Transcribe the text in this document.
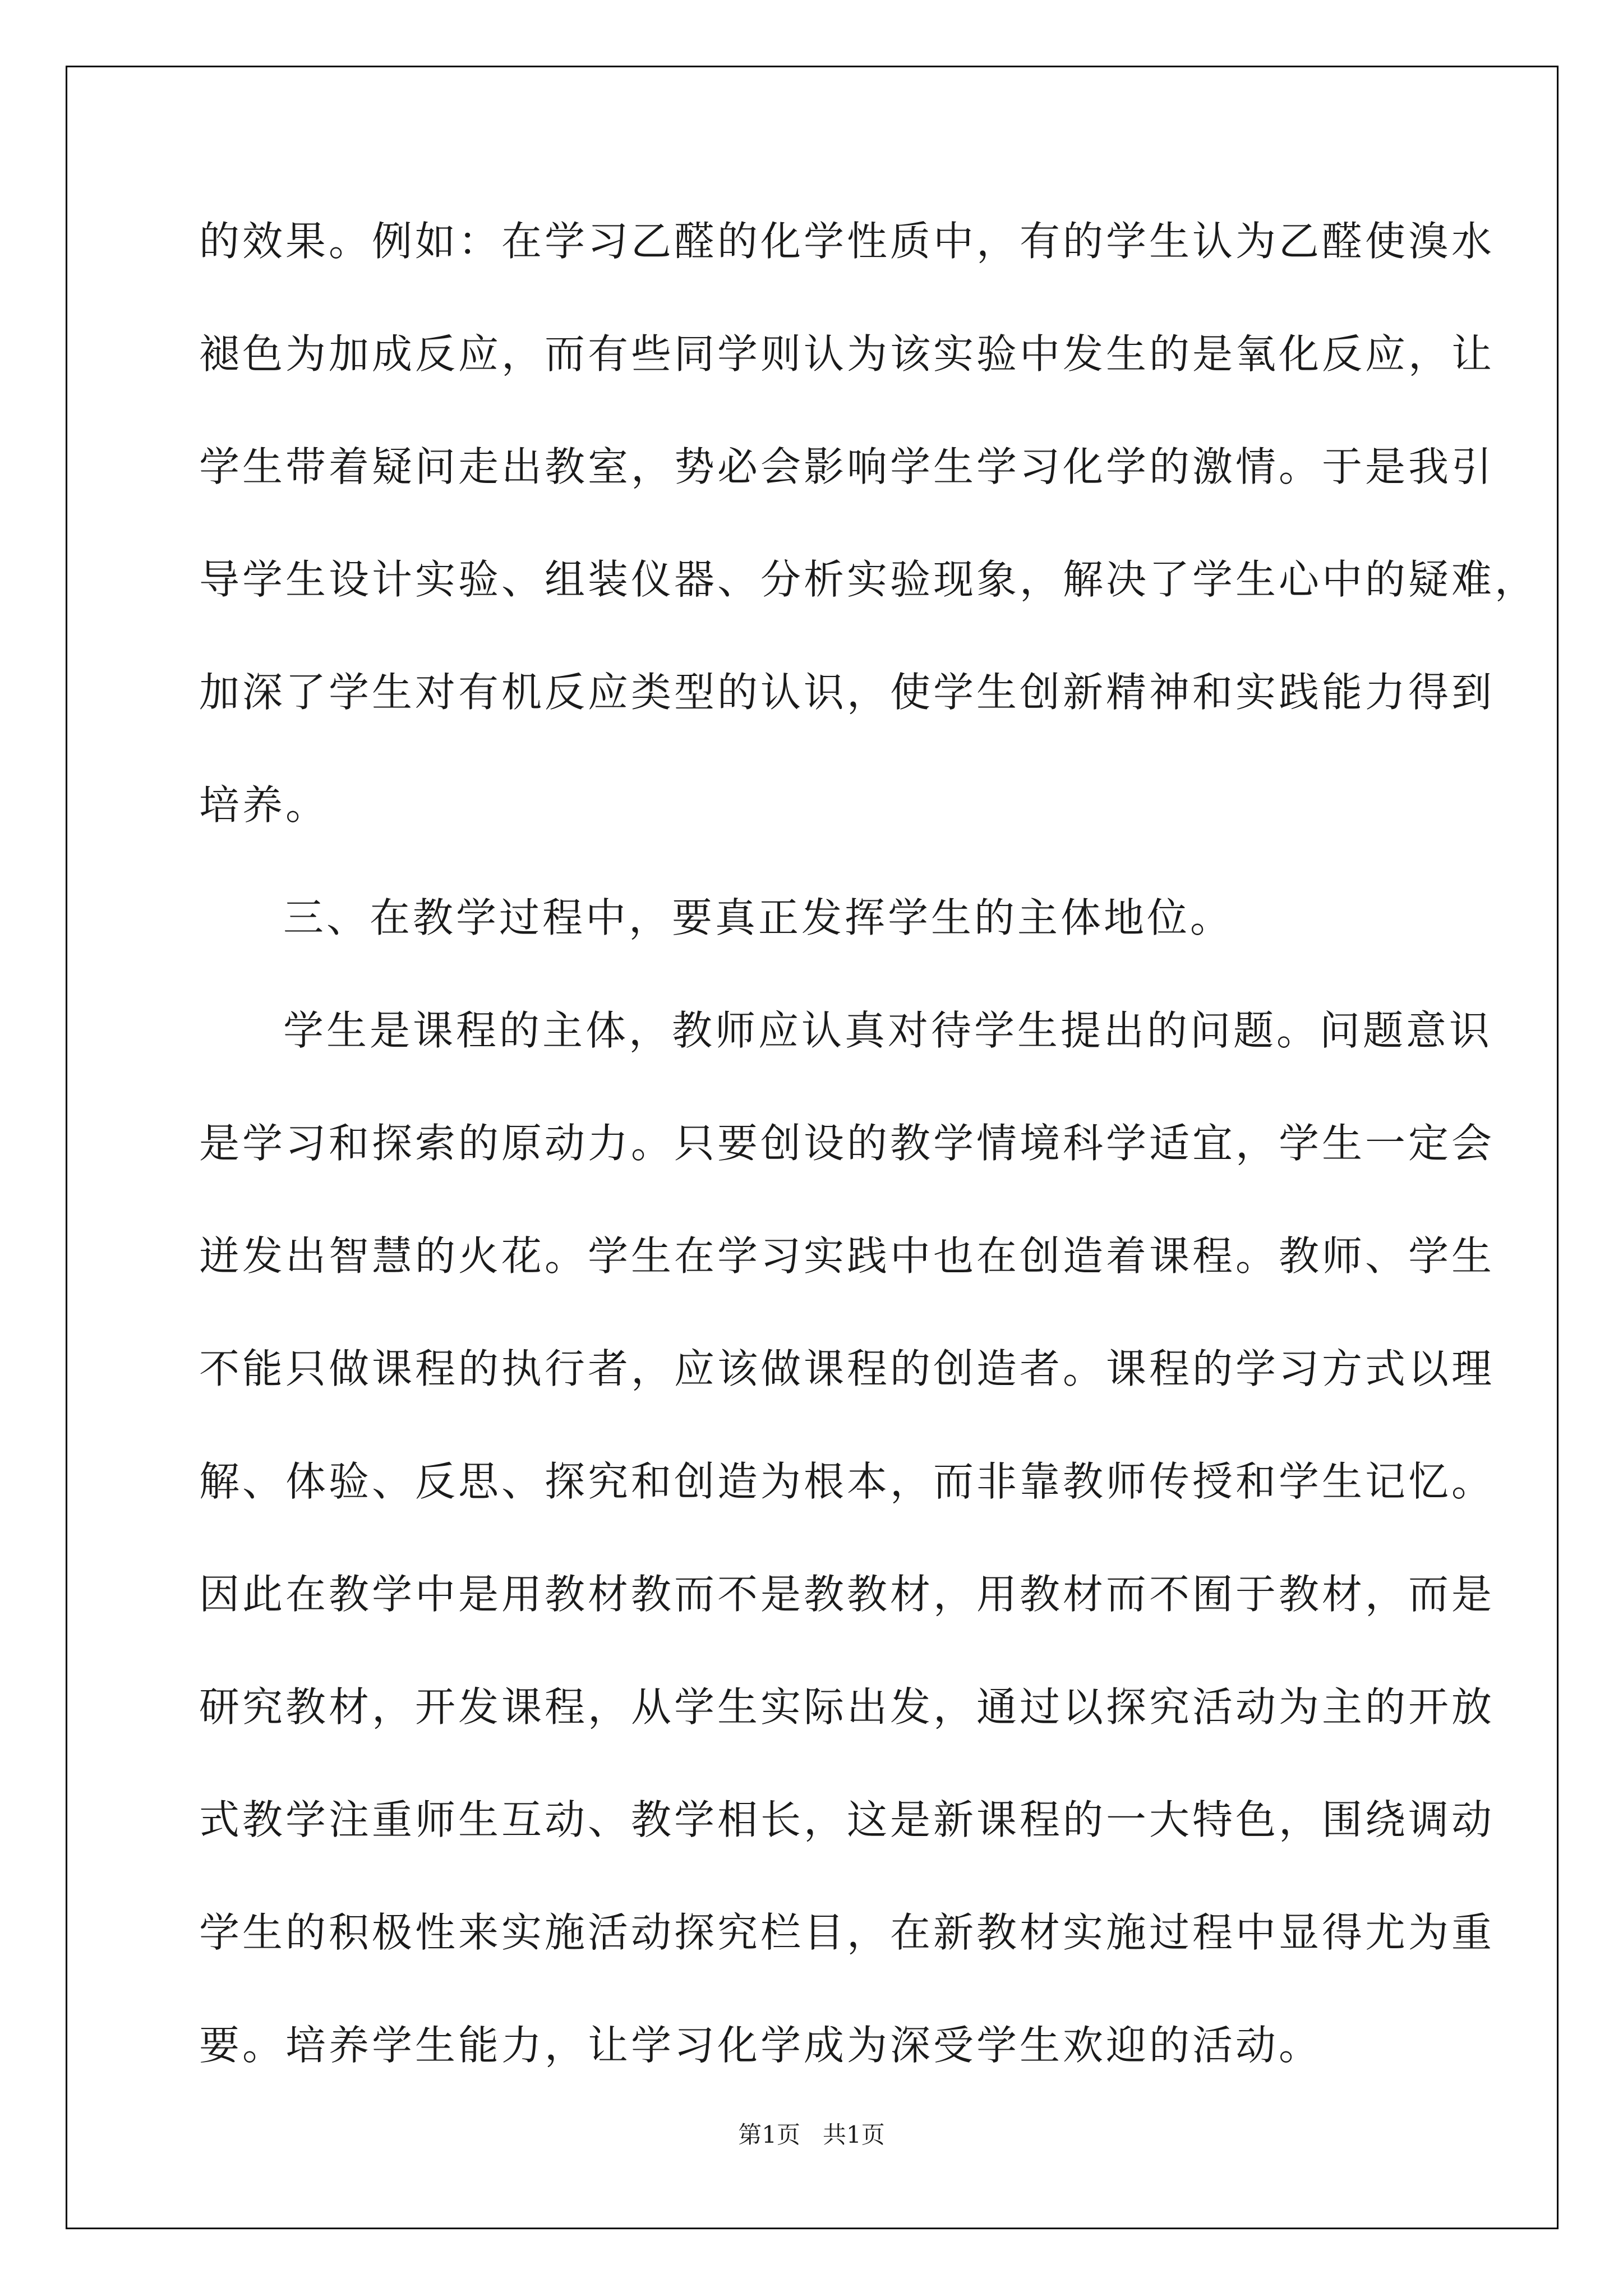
的效果。例如：在学习乙醛的化学性质中，有的学生认为乙醛使溴水
褪色为加成反应，而有些同学则认为该实验中发生的是氧化反应，让
学生带着疑问走出教室，势必会影响学生学习化学的激情。于是我引
导学生设计实验、组装仪器、分析实验现象，解决了学生心中的疑难，
加深了学生对有机反应类型的认识，使学生创新精神和实践能力得到
培养。
三、在教学过程中，要真正发挥学生的主体地位。
学生是课程的主体，教师应认真对待学生提出的问题。问题意识
是学习和探索的原动力。只要创设的教学情境科学适宜，学生一定会
迸发出智慧的火花。学生在学习实践中也在创造着课程。教师、学生
不能只做课程的执行者，应该做课程的创造者。课程的学习方式以理
解、体验、反思、探究和创造为根本，而非靠教师传授和学生记忆。
因此在教学中是用教材教而不是教教材，用教材而不囿于教材，而是
研究教材，开发课程，从学生实际出发，通过以探究活动为主的开放
式教学注重师生互动、教学相长，这是新课程的一大特色，围绕调动
学生的积极性来实施活动探究栏目，在新教材实施过程中显得尤为重
要。培养学生能力，让学习化学成为深受学生欢迎的活动。
第1页   共1页
